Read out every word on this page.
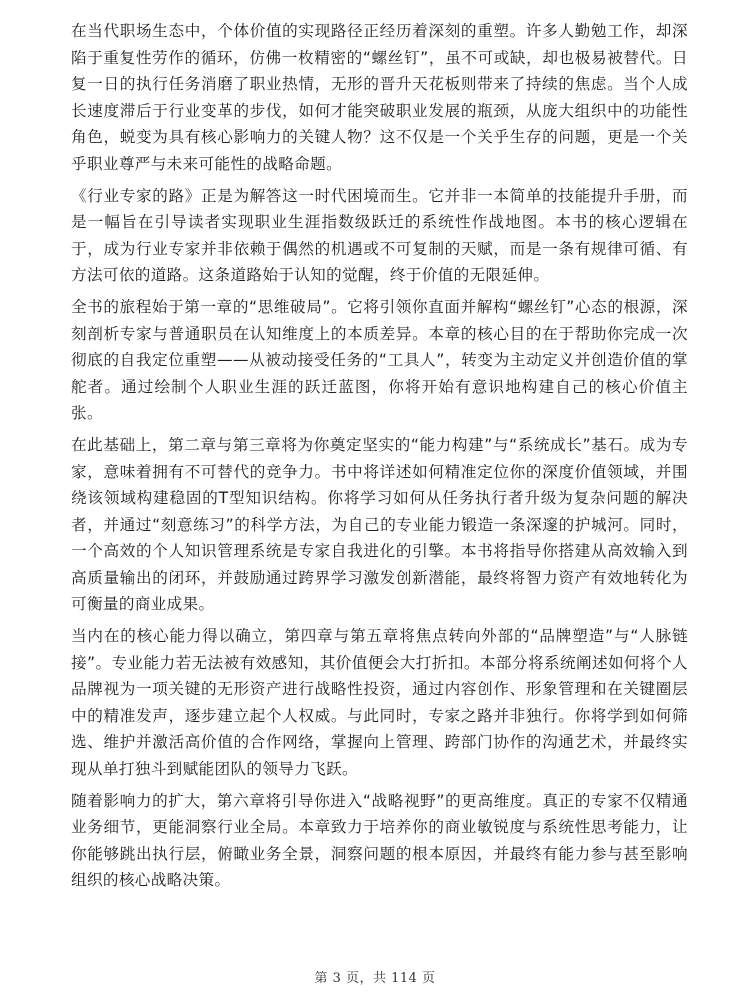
在当代职场生态中，个体价值的实现路径正经历着深刻的重塑。许多人勤勉工作，却深陷于重复性劳作的循环，仿佛一枚精密的“螺丝钉”，虽不可或缺，却也极易被替代。日复一日的执行任务消磨了职业热情，无形的晋升天花板则带来了持续的焦虑。当个人成长速度滞后于行业变革的步伐，如何才能突破职业发展的瓶颈，从庞大组织中的功能性角色，蜕变为具有核心影响力的关键人物？这不仅是一个关乎生存的问题，更是一个关乎职业尊严与未来可能性的战略命题。

《行业专家的路》正是为解答这一时代困境而生。它并非一本简单的技能提升手册，而是一幅旨在引导读者实现职业生涯指数级跃迁的系统性作战地图。本书的核心逻辑在于，成为行业专家并非依赖于偶然的机遇或不可复制的天赋，而是一条有规律可循、有方法可依的道路。这条道路始于认知的觉醒，终于价值的无限延伸。

全书的旅程始于第一章的“思维破局”。它将引领你直面并解构“螺丝钉”心态的根源，深刻剖析专家与普通职员在认知维度上的本质差异。本章的核心目的在于帮助你完成一次彻底的自我定位重塑——从被动接受任务的“工具人”，转变为主动定义并创造价值的掌舵者。通过绘制个人职业生涯的跃迁蓝图，你将开始有意识地构建自己的核心价值主张。

在此基础上，第二章与第三章将为你奠定坚实的“能力构建”与“系统成长”基石。成为专家，意味着拥有不可替代的竞争力。书中将详述如何精准定位你的深度价值领域，并围绕该领域构建稳固的T型知识结构。你将学习如何从任务执行者升级为复杂问题的解决者，并通过“刻意练习”的科学方法，为自己的专业能力锻造一条深邃的护城河。同时，一个高效的个人知识管理系统是专家自我进化的引擎。本书将指导你搭建从高效输入到高质量输出的闭环，并鼓励通过跨界学习激发创新潜能，最终将智力资产有效地转化为可衡量的商业成果。

当内在的核心能力得以确立，第四章与第五章将焦点转向外部的“品牌塑造”与“人脉链接”。专业能力若无法被有效感知，其价值便会大打折扣。本部分将系统阐述如何将个人品牌视为一项关键的无形资产进行战略性投资，通过内容创作、形象管理和在关键圈层中的精准发声，逐步建立起个人权威。与此同时，专家之路并非独行。你将学到如何筛选、维护并激活高价值的合作网络，掌握向上管理、跨部门协作的沟通艺术，并最终实现从单打独斗到赋能团队的领导力飞跃。

随着影响力的扩大，第六章将引导你进入“战略视野”的更高维度。真正的专家不仅精通业务细节，更能洞察行业全局。本章致力于培养你的商业敏锐度与系统性思考能力，让你能够跳出执行层，俯瞰业务全景，洞察问题的根本原因，并最终有能力参与甚至影响组织的核心战略决策。

第 3 页，共 114 页
